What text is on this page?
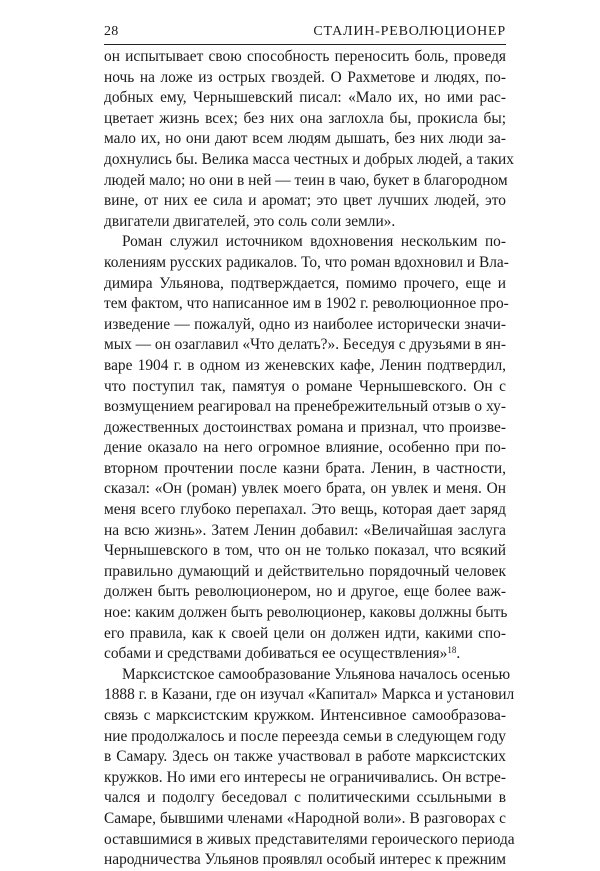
28	СТАЛИН-РЕВОЛЮЦИОНЕР
он испытывает свою способность переносить боль, проведя
ночь на ложе из острых гвоздей. О Рахметове и людях, по-
добных ему, Чернышевский писал: «Мало их, но ими рас-
цветает жизнь всех; без них она заглохла бы, прокисла бы;
мало их, но они дают всем людям дышать, без них люди за-
дохнулись бы. Велика масса честных и добрых людей, а таких
людей мало; но они в ней — теин в чаю, букет в благородном
вине, от них ее сила и аромат; это цвет лучших людей, это
двигатели двигателей, это соль соли земли».
Роман служил источником вдохновения нескольким по-
колениям русских радикалов. То, что роман вдохновил и Вла-
димира Ульянова, подтверждается, помимо прочего, еще и
тем фактом, что написанное им в 1902 г. революционное про-
изведение — пожалуй, одно из наиболее исторически значи-
мых — он озаглавил «Что делать?». Беседуя с друзьями в ян-
варе 1904 г. в одном из женевских кафе, Ленин подтвердил,
что поступил так, памятуя о романе Чернышевского. Он с
возмущением реагировал на пренебрежительный отзыв о ху-
дожественных достоинствах романа и признал, что произве-
дение оказало на него огромное влияние, особенно при по-
вторном прочтении после казни брата. Ленин, в частности,
сказал: «Он (роман) увлек моего брата, он увлек и меня. Он
меня всего глубоко перепахал. Это вещь, которая дает заряд
на всю жизнь». Затем Ленин добавил: «Величайшая заслуга
Чернышевского в том, что он не только показал, что всякий
правильно думающий и действительно порядочный человек
должен быть революционером, но и другое, еще более важ-
ное: каким должен быть революционер, каковы должны быть
его правила, как к своей цели он должен идти, какими спо-
собами и средствами добиваться ее осуществления»$^{18}$.
Марксистское самообразование Ульянова началось осенью
1888 г. в Казани, где он изучал «Капитал» Маркса и установил
связь с марксистским кружком. Интенсивное самообразова-
ние продолжалось и после переезда семьи в следующем году
в Самару. Здесь он также участвовал в работе марксистских
кружков. Но ими его интересы не ограничивались. Он встре-
чался и подолгу беседовал с политическими ссыльными в
Самаре, бывшими членами «Народной воли». В разговорах с
оставшимися в живых представителями героического периода
народничества Ульянов проявлял особый интерес к прежним
